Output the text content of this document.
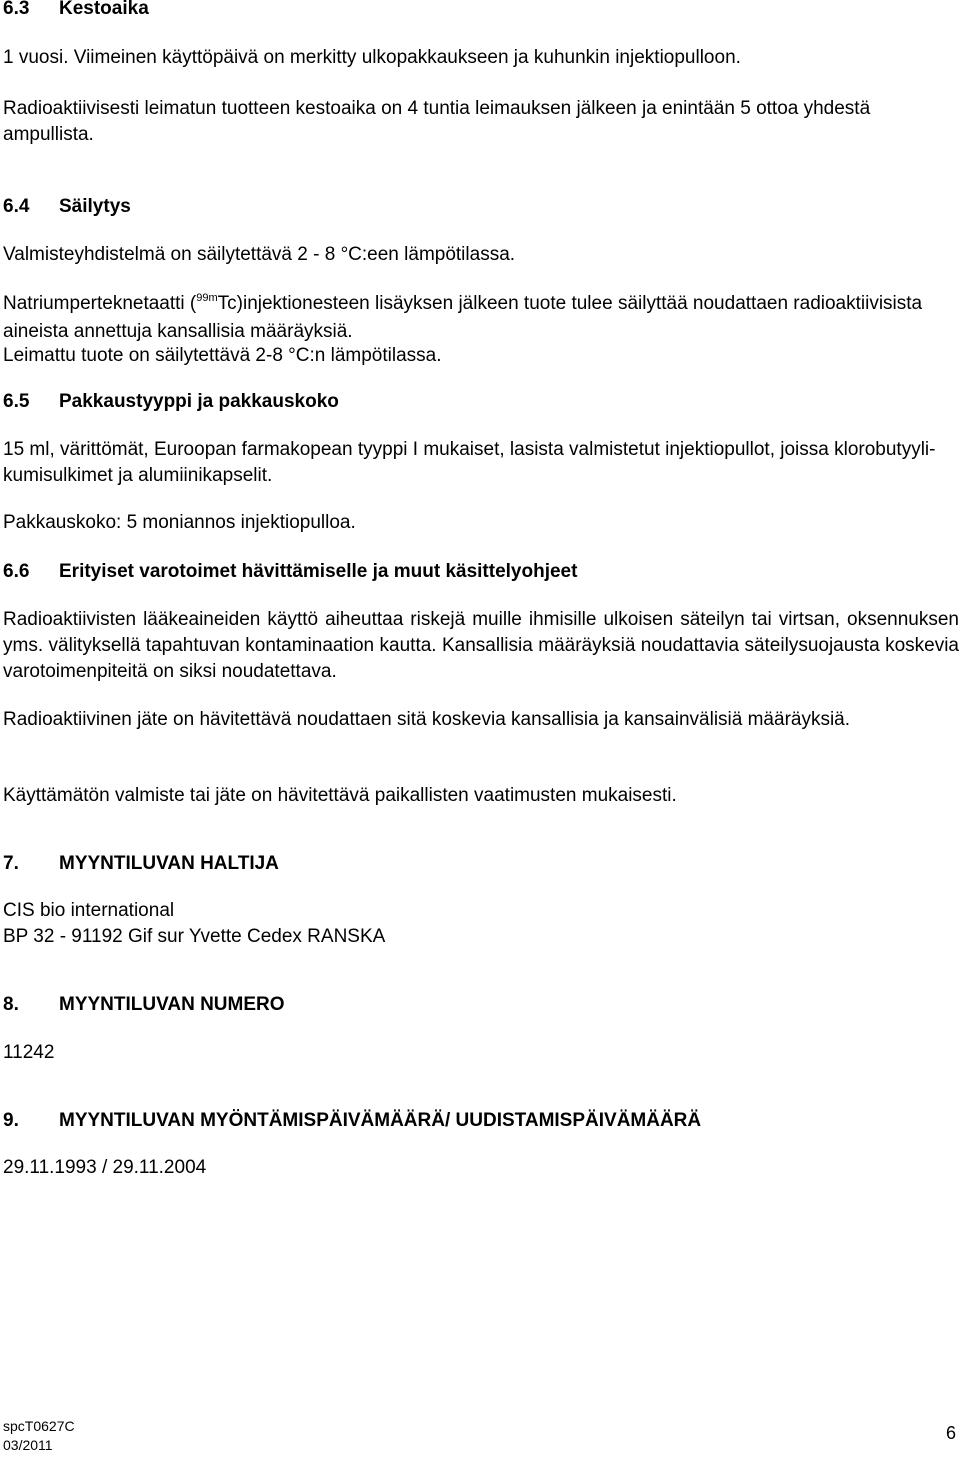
6.3 Kestoaika

1 vuosi. Viimeinen käyttöpäivä on merkitty ulkopakkaukseen ja kuhunkin injektiopulloon.

Radioaktiivisesti leimatun tuotteen kestoaika on 4 tuntia leimauksen jälkeen ja enintään 5 ottoa yhdestä ampullista.

6.4 Säilytys

Valmisteyhdistelmä on säilytettävä 2 - 8 °C:een lämpötilassa.

Natriumperteknetaatti ($^{99m}$Tc)injektionesteen lisäyksen jälkeen tuote tulee säilyttää noudattaen radioaktiivisista aineista annettuja kansallisia määräyksiä.

Leimattu tuote on säilytettävä 2-8 °C:n lämpötilassa.

6.5 Pakkaustyyppi ja pakkauskoko

15 ml, värittömät, Euroopan farmakopean tyyppi I mukaiset, lasista valmistetut injektiopullot, joissa klorobutyyli-kumisulkimet ja alumiinikapselit.

Pakkauskoko: 5 moniannos injektiopulloa.

6.6 Erityiset varotoimet hävittämiselle ja muut käsittelyohjeet

Radioaktiivisten lääkeaineiden käyttö aiheuttaa riskejä muille ihmisille ulkoisen säteilyn tai virtsan, oksennuksen yms. välityksellä tapahtuvan kontaminaation kautta. Kansallisia määräyksiä noudattavia säteilysuojausta koskevia varotoimenpiteitä on siksi noudatettava.

Radioaktiivinen jäte on hävitettävä noudattaen sitä koskevia kansallisia ja kansainvälisiä määräyksiä.

Käyttämätön valmiste tai jäte on hävitettävä paikallisten vaatimusten mukaisesti.

7. MYYNTILUVAN HALTIJA

CIS bio international
BP 32 - 91192 Gif sur Yvette Cedex RANSKA

8. MYYNTILUVAN NUMERO

11242

9. MYYNTILUVAN MYÖNTÄMISPÄIVÄMÄÄRÄ/ UUDISTAMISPÄIVÄMÄÄRÄ

29.11.1993 / 29.11.2004

spcT0627C
03/2011
6
